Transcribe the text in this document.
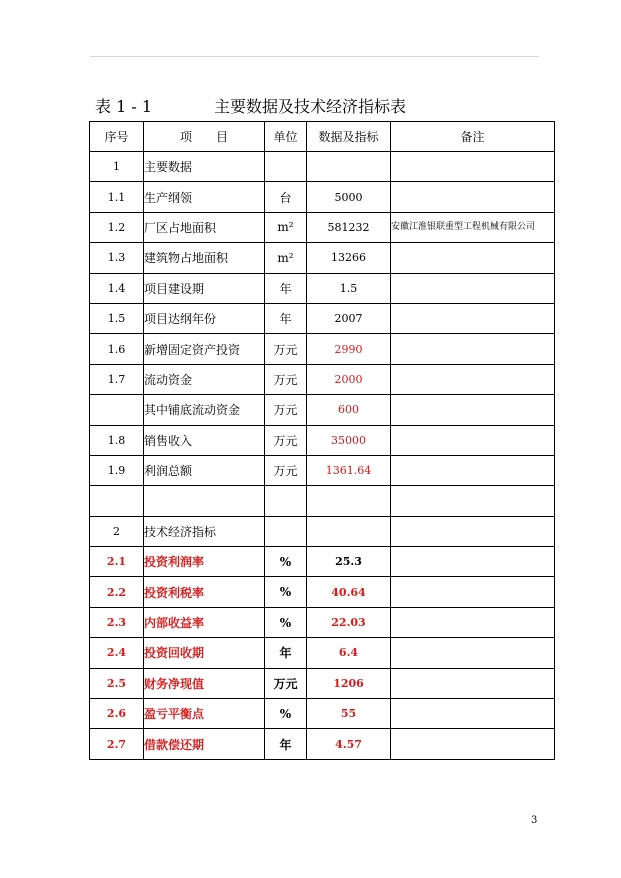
表 1 - 1	主要数据及技术经济指标表
序号	项　　目	单位	数据及指标	备注
1	主要数据			
1.1	生产纲领	台	5000	
1.2	厂区占地面积	m²	581232	安徽江淮银联重型工程机械有限公司
1.3	建筑物占地面积	m²	13266	
1.4	项目建设期	年	1.5	
1.5	项目达纲年份	年	2007	
1.6	新增固定资产投资	万元	2990	
1.7	流动资金	万元	2000	
	其中铺底流动资金	万元	600	
1.8	销售收入	万元	35000	
1.9	利润总额	万元	1361.64	

2	技术经济指标			
2.1	投资利润率	%	25.3	
2.2	投资利税率	%	40.64	
2.3	内部收益率	%	22.03	
2.4	投资回收期	年	6.4	
2.5	财务净现值	万元	1206	
2.6	盈亏平衡点	%	55	
2.7	借款偿还期	年	4.57	
3
